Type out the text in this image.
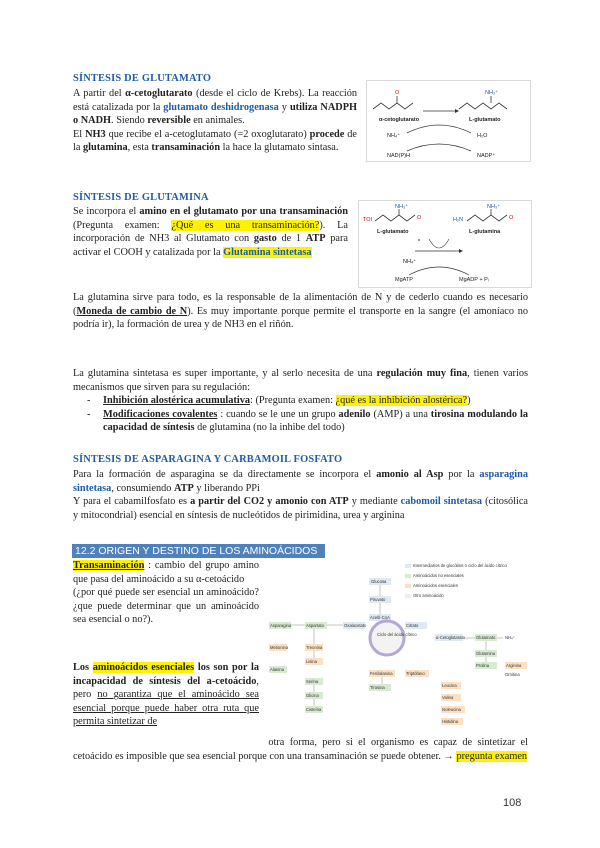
SÍNTESIS DE GLUTAMATO
A partir del α-cetoglutarato (desde el ciclo de Krebs). La reacción está catalizada por la glutamato deshidrogenasa y utiliza NADPH o NADH. Siendo reversible en animales.
El NH3 que recibe el a-cetoglutamato (=2 oxoglutarato) procede de la glutamina, esta transaminación la hace la glutamato sintasa.
O
α-cetoglutarato
NH₃⁺
L-glutamato
NH₄⁺	H₂O
NAD(P)H	NADP⁺
SÍNTESIS DE GLUTAMINA
Se incorpora el amino en el glutamato por una transaminación (Pregunta examen: ¿Qué es una transaminación?). La incorporación de NH3 al Glutamato con gasto de 1 ATP para activar el COOH y catalizada por la Glutamina sintetasa
TOI
NH₃⁺
O
L-glutamato
H₂N
NH₃⁺
O
L-glutamina
NH₄⁺
MgATP	MgADP + Pᵢ
La glutamina sirve para todo, es la responsable de la alimentación de N y de cederlo cuando es necesario (Moneda de cambio de N). Es muy importante porque permite el transporte en la sangre (el amoníaco no podría ir), la formación de urea y de NH3 en el riñón.
La glutamina sintetasa es super importante, y al serlo necesita de una regulación muy fina, tienen varios mecanismos que sirven para su regulación:
- Inhibición alostérica acumulativa: (Pregunta examen: ¿qué es la inhibición alostérica?)
- Modificaciones covalentes : cuando se le une un grupo adenilo (AMP) a una tirosina modulando la capacidad de síntesis de glutamina (no la inhibe del todo)
SÍNTESIS DE ASPARAGINA Y CARBAMOIL FOSFATO
Para la formación de asparagina se da directamente se incorpora el amonio al Asp por la asparagina sintetasa, consumiendo ATP y liberando PPi
Y para el cabamilfosfato es a partir del CO2 y amonio con ATP y mediante cabomoil sintetasa (citosólica y mitocondrial) esencial en síntesis de nucleótidos de pirimidina, urea y arginina
12.2 ORIGEN Y DESTINO DE LOS AMINOÁCIDOS
Transaminación : cambio del grupo amino que pasa del aminoácido a su α-cetoácido
(¿por qué puede ser esencial un aminoácido? ¿que puede determinar que un aminoácido sea esencial o no?).
Los aminoácidos esenciales los son por la incapacidad de síntesis del a-cetoácido, pero no garantiza que el aminoácido sea esencial porque puede haber otra ruta que permita sintetizar de
otra forma, pero si el organismo es capaz de sintetizar el cetoácido es imposible que sea esencial porque con una transaminación se puede obtener. → pregunta examen
Intermediarios de glucólisis o ciclo del ácido cítrico
Aminoácidos no esenciales
Aminoácidos esenciales
Otro aminoácido
Glucosa
Piruvato
Acetil-CoA
Ciclo del ácido cítrico
Asparagina	Aspartato	Oxalacetato	Citrato
α-Cetoglutarato	Glutamato NH₄⁺
Metionina	Treonina
Lisina
Alanina
Serina
Glicina
Cisteína
Glutamina
Prolina	Arginina
Ornitina
Fenilalanina
Tirosina
Triptófano
Leucina
Valina
Isoleucina
Histidina
108
